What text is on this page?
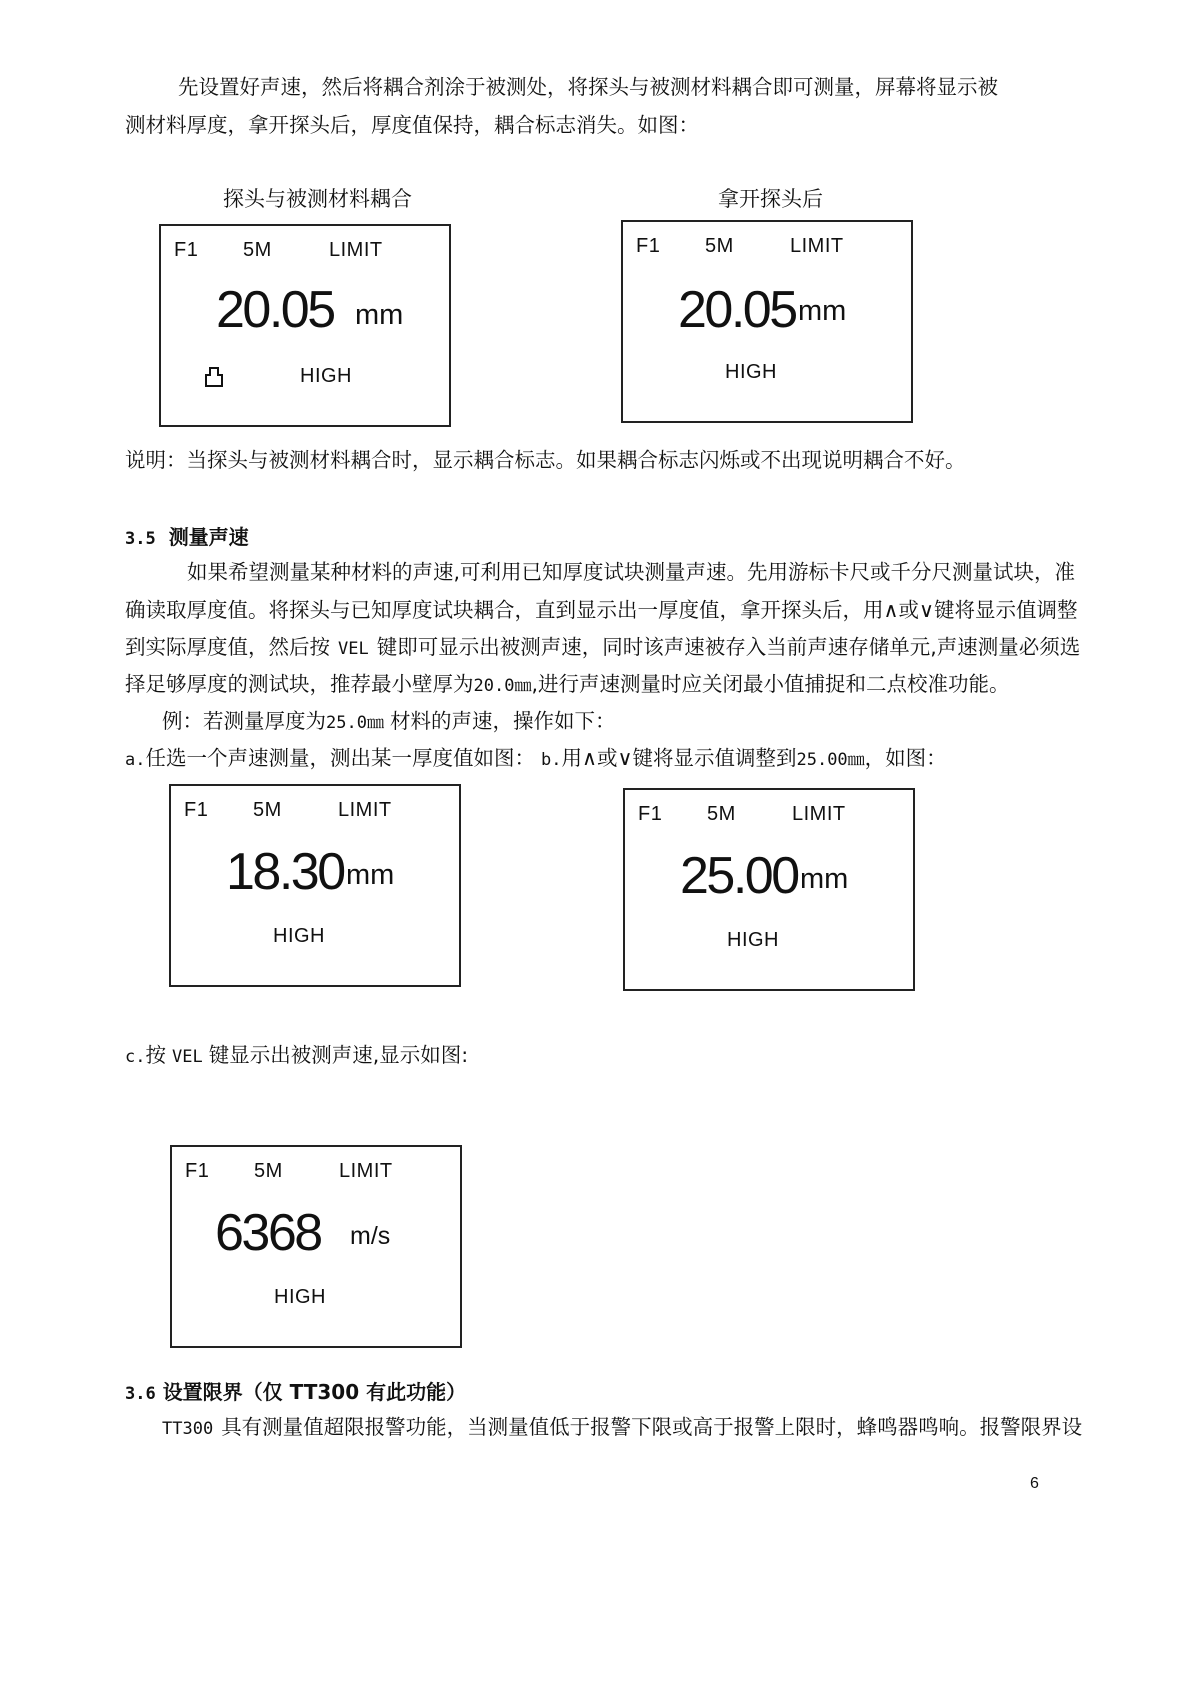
先设置好声速，然后将耦合剂涂于被测处，将探头与被测材料耦合即可测量，屏幕将显示被
测材料厚度，拿开探头后，厚度值保持，耦合标志消失。如图：
探头与被测材料耦合	拿开探头后
F1 5M	LIMIT
20.05 mm
HIGH
F1 5M	LIMIT
20.05 mm
HIGH
说明：当探头与被测材料耦合时，显示耦合标志。如果耦合标志闪烁或不出现说明耦合不好。
3.5 测量声速
如果希望测量某种材料的声速,可利用已知厚度试块测量声速。先用游标卡尺或千分尺测量试块，准
确读取厚度值。将探头与已知厚度试块耦合，直到显示出一厚度值，拿开探头后，用∧或∨键将显示值调整
到实际厚度值，然后按 VEL 键即可显示出被测声速，同时该声速被存入当前声速存储单元,声速测量必须选
择足够厚度的测试块，推荐最小壁厚为20.0㎜,进行声速测量时应关闭最小值捕捉和二点校准功能。
例：若测量厚度为25.0㎜ 材料的声速，操作如下：
a.任选一个声速测量，测出某一厚度值如图： b.用∧或∨键将显示值调整到25.00㎜，如图：
F1 5M	LIMIT
18.30 mm
HIGH
F1 5M	LIMIT
25.00 mm
HIGH
c.按 VEL 键显示出被测声速,显示如图:
F1 5M	LIMIT
6368 m/s
HIGH
3.6 设置限界（仅 TT300 有此功能）
TT300 具有测量值超限报警功能，当测量值低于报警下限或高于报警上限时，蜂鸣器鸣响。报警限界设
6
